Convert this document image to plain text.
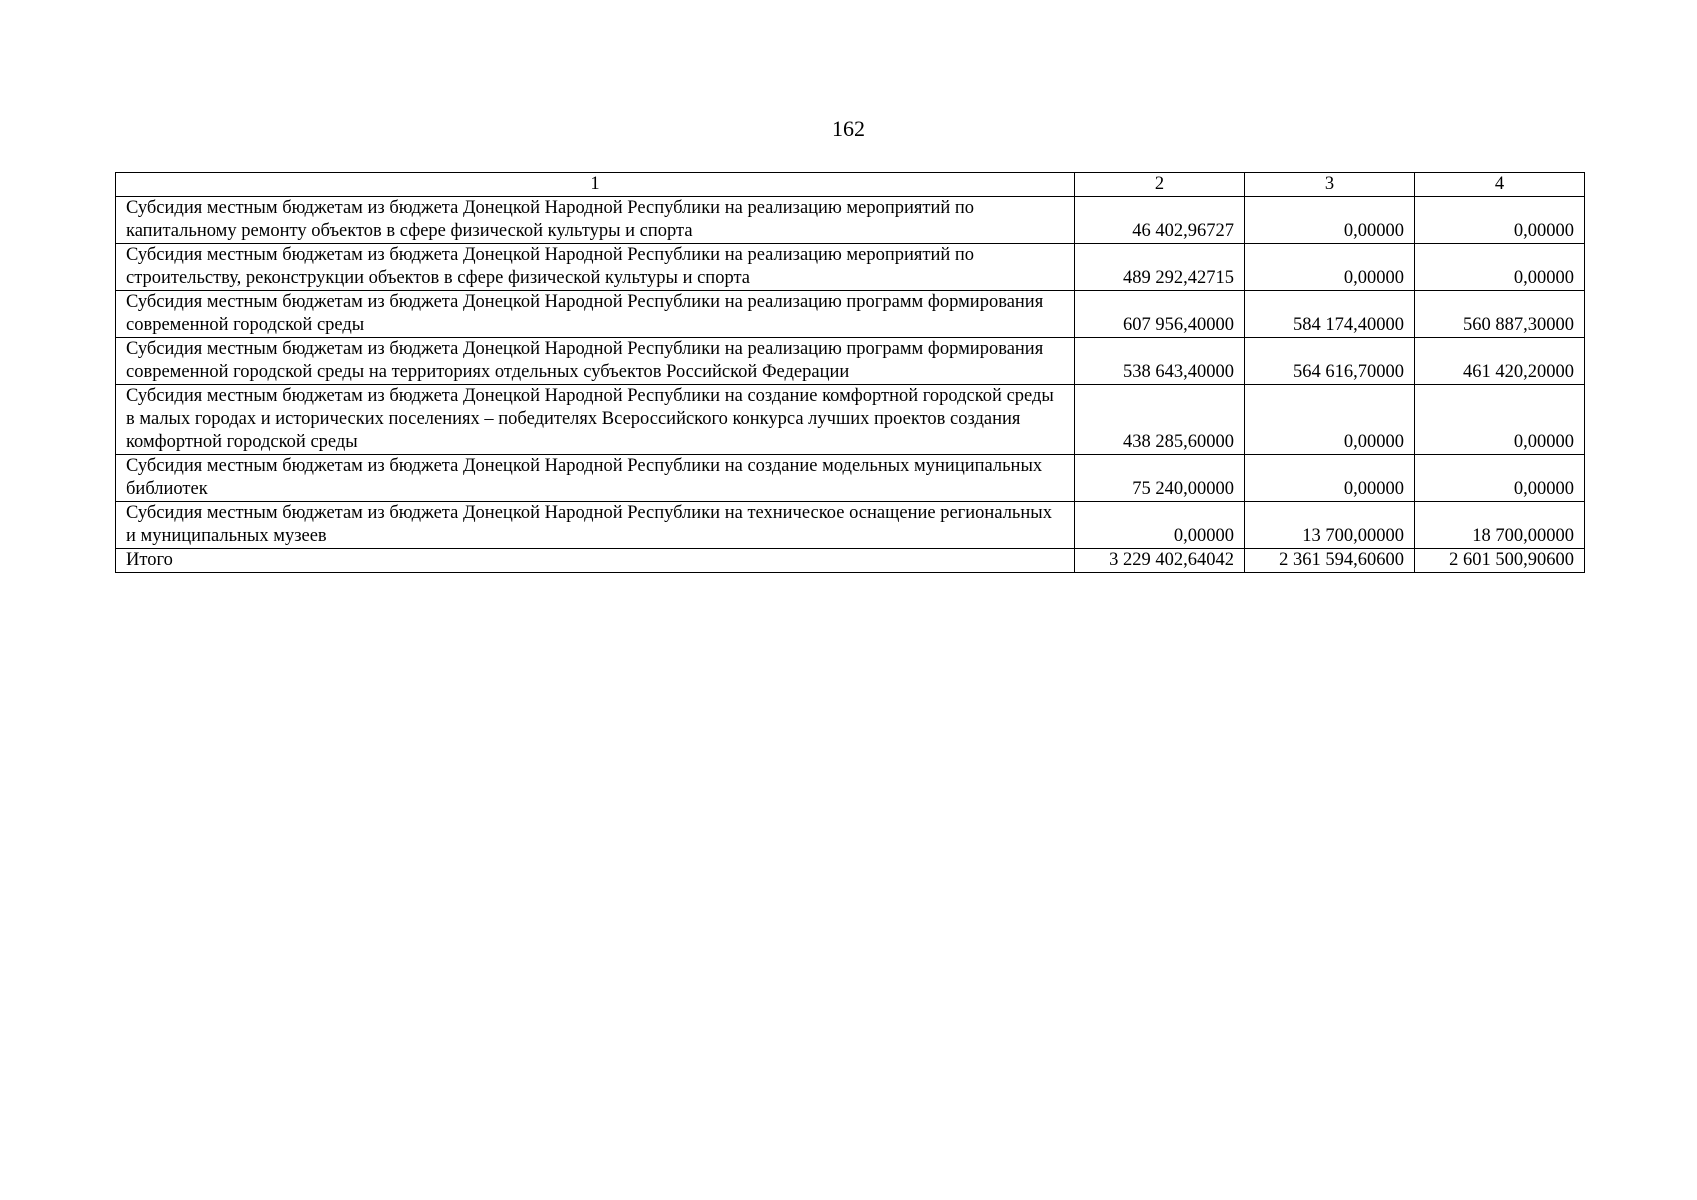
162
1	2	3	4
Субсидия местным бюджетам из бюджета Донецкой Народной Республики на реализацию мероприятий по капитальному ремонту объектов в сфере физической культуры и спорта	46 402,96727	0,00000	0,00000
Субсидия местным бюджетам из бюджета Донецкой Народной Республики на реализацию мероприятий по строительству, реконструкции объектов в сфере физической культуры и спорта	489 292,42715	0,00000	0,00000
Субсидия местным бюджетам из бюджета Донецкой Народной Республики на реализацию программ формирования современной городской среды	607 956,40000	584 174,40000	560 887,30000
Субсидия местным бюджетам из бюджета Донецкой Народной Республики на реализацию программ формирования современной городской среды на территориях отдельных субъектов Российской Федерации	538 643,40000	564 616,70000	461 420,20000
Субсидия местным бюджетам из бюджета Донецкой Народной Республики на создание комфортной городской среды в малых городах и исторических поселениях – победителях Всероссийского конкурса лучших проектов создания комфортной городской среды	438 285,60000	0,00000	0,00000
Субсидия местным бюджетам из бюджета Донецкой Народной Республики на создание модельных муниципальных библиотек	75 240,00000	0,00000	0,00000
Субсидия местным бюджетам из бюджета Донецкой Народной Республики на техническое оснащение региональных и муниципальных музеев	0,00000	13 700,00000	18 700,00000
Итого	3 229 402,64042	2 361 594,60600	2 601 500,90600
